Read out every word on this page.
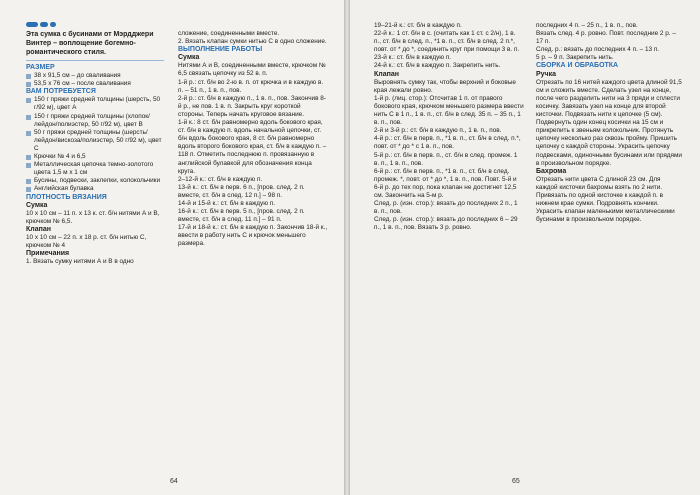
Эта сумка с бусинами от Мэрдджери Винтер – воплощение богемно-романтического стиля.

РАЗМЕР

38 х 91,5 см – до сваливания

53,5 х 76 см – после сваливания

ВАМ ПОТРЕБУЕТСЯ

150 г пряжи средней толщины (шерсть, 50 г/92 м), цвет А

150 г пряжи средней толщины (хлопок/лейдон/полиэстер, 50 г/92 м), цвет В

50 г пряжи средней толщины (шерсть/лейдон/вискоза/полиэстер, 50 г/92 м), цвет С

Крючки № 4 и 6,5

Металлическая цепочка темно-золотого цвета 1,5 м х 1 см

Бусины, подвески, заклепки, колокольчики

Английская булавка

ПЛОТНОСТЬ ВЯЗАНИЯ

Сумка

10 х 10 см – 11 п. х 13 к. ст. б/н нитями А и В, крючком № 6,5.

Клапан

10 х 10 см – 22 п. х 18 р. ст. б/н нитью С, крючком № 4

Примечания

1. Вязать сумку нитями А и В в одно

сложение, соединенными вместе.
2. Вязать клапан сумки нитью С в одно сложение.

ВЫПОЛНЕНИЕ РАБОТЫ

Сумка

Нитями А и В, соединенными вместе, крючком № 6,5 связать цепочку из 52 в. п.

1-й р.: ст. б/н во 2-ю в. п. от крючка и в каждую в. п. – 51 п., 1 в. п., пов.

2-й р.: ст. б/н в каждую п., 1 в. п., пов. Закончив 8-й р., не пов. 1 в. п. Закрыть круг короткой стороны. Теперь начать круговое вязание.

1-й к.: 8 ст. б/н равномерно вдоль бокового края, ст. б/н в каждую п. вдоль начальной цепочки, ст. б/н вдоль бокового края, 8 ст. б/н равномерно вдоль второго бокового края, ст. б/н в каждую п. – 118 п. Отметить последнюю п. провязанную в английской булавкой для обозначения конца круга.

2–12-й к.: ст. б/н в каждую п.

13-й к.: ст. б/н в перв. 6 п., [пров. след. 2 п. вместе, ст. б/н в след. 12 п.] – 98 п.

14-й и 15-й к.: ст. б/н в каждую п.

16-й к.: ст. б/н в перв. 5 п., [пров. след. 2 п. вместе, ст. б/н в след. 11 п.] – 91 п.

17-й и 18-й к.: ст. б/н в каждую п. Закончив 18-й к., ввести в работу нить С и крючок меньшего размера.

64

19–21-й к.: ст. б/н в каждую п.

22-й к.: 1 ст. б/н в с. (считать как 1 ст. с 2/н), 1 в. п., ст. б/н в след. п., *1 в. п., ст. б/н в след. 2 п.*, повт. от * до *, соединить круг при помощи 3 в. п.

23-й к.: ст. б/н в каждую п.

24-й к.: ст. б/н в каждую п. Закрепить нить.

Клапан

Выровнять сумку так, чтобы верхний и боковые края лежали ровно.

1-й р. (лиц. стор.): Отсчитав 1 п. от правого бокового края, крючком меньшего размера ввести нить С в 1 п., 1 в. п., ст. б/н в след. 35 п. – 35 п., 1 в. п., пов.

2-й и 3-й р.: ст. б/н в каждую п., 1 в. п., пов.

4-й р.: ст. б/н в перв. п., *1 в. п., ст. б/н в след. п.*, повт. от * до * с 1 в. п., пов.

5-й р.: ст. б/н в перв. п., ст. б/н в след. промеж. 1 в. п., 1 в. п., пов.

6-й р.: ст. б/н в перв. п., *1 в. п., ст. б/н в след. промеж. *, повт. от * до *, 1 в. п., пов. Повт. 5-й и 6-й р. до тех пор, пока клапан не достигнет 12,5 см. Закончить на 5-м р.

След. р. (изн. стор.): вязать до последних 2 п., 1 в. п., пов.

След. р. (изн. стор.): вязать до последних 6 – 29 п., 1 в. п., пов. Вязать 3 р. ровно.

последних 4 п. – 25 п., 1 в. п., пов.

Вязать след. 4 р. ровно. Повт. последние 2 р. – 17 п.

След. р.: вязать до последних 4 п. – 13 п.

5 р. – 9 п. Закрепить нить.

СБОРКА И ОБРАБОТКА

Ручка

Отрезать по 16 нитей каждого цвета длиной 91,5 см и сложить вместе. Сделать узел на конце, после чего разделить нити на 3 пряди и сплести косичку. Завязать узел на конце для второй кисточки. Подвязать нити к цепочке (5 см). Подвернуть один конец косички на 15 см и прикрепить к звеньям колокольчик. Протянуть цепочку несколько раз сквозь пройму. Пришить цепочку с каждой стороны. Украсить цепочку подвесками, одиночными бусинами или прядями в произвольном порядке.

Бахрома

Отрезать нити цвета С длиной 23 см. Для каждой кисточки бахромы взять по 2 нити. Привязать по одной кисточке к каждой п. в нижнем крае сумки. Подровнять кончики. Украсить клапан маленькими металлическими бусинами в произвольном порядке.

65
